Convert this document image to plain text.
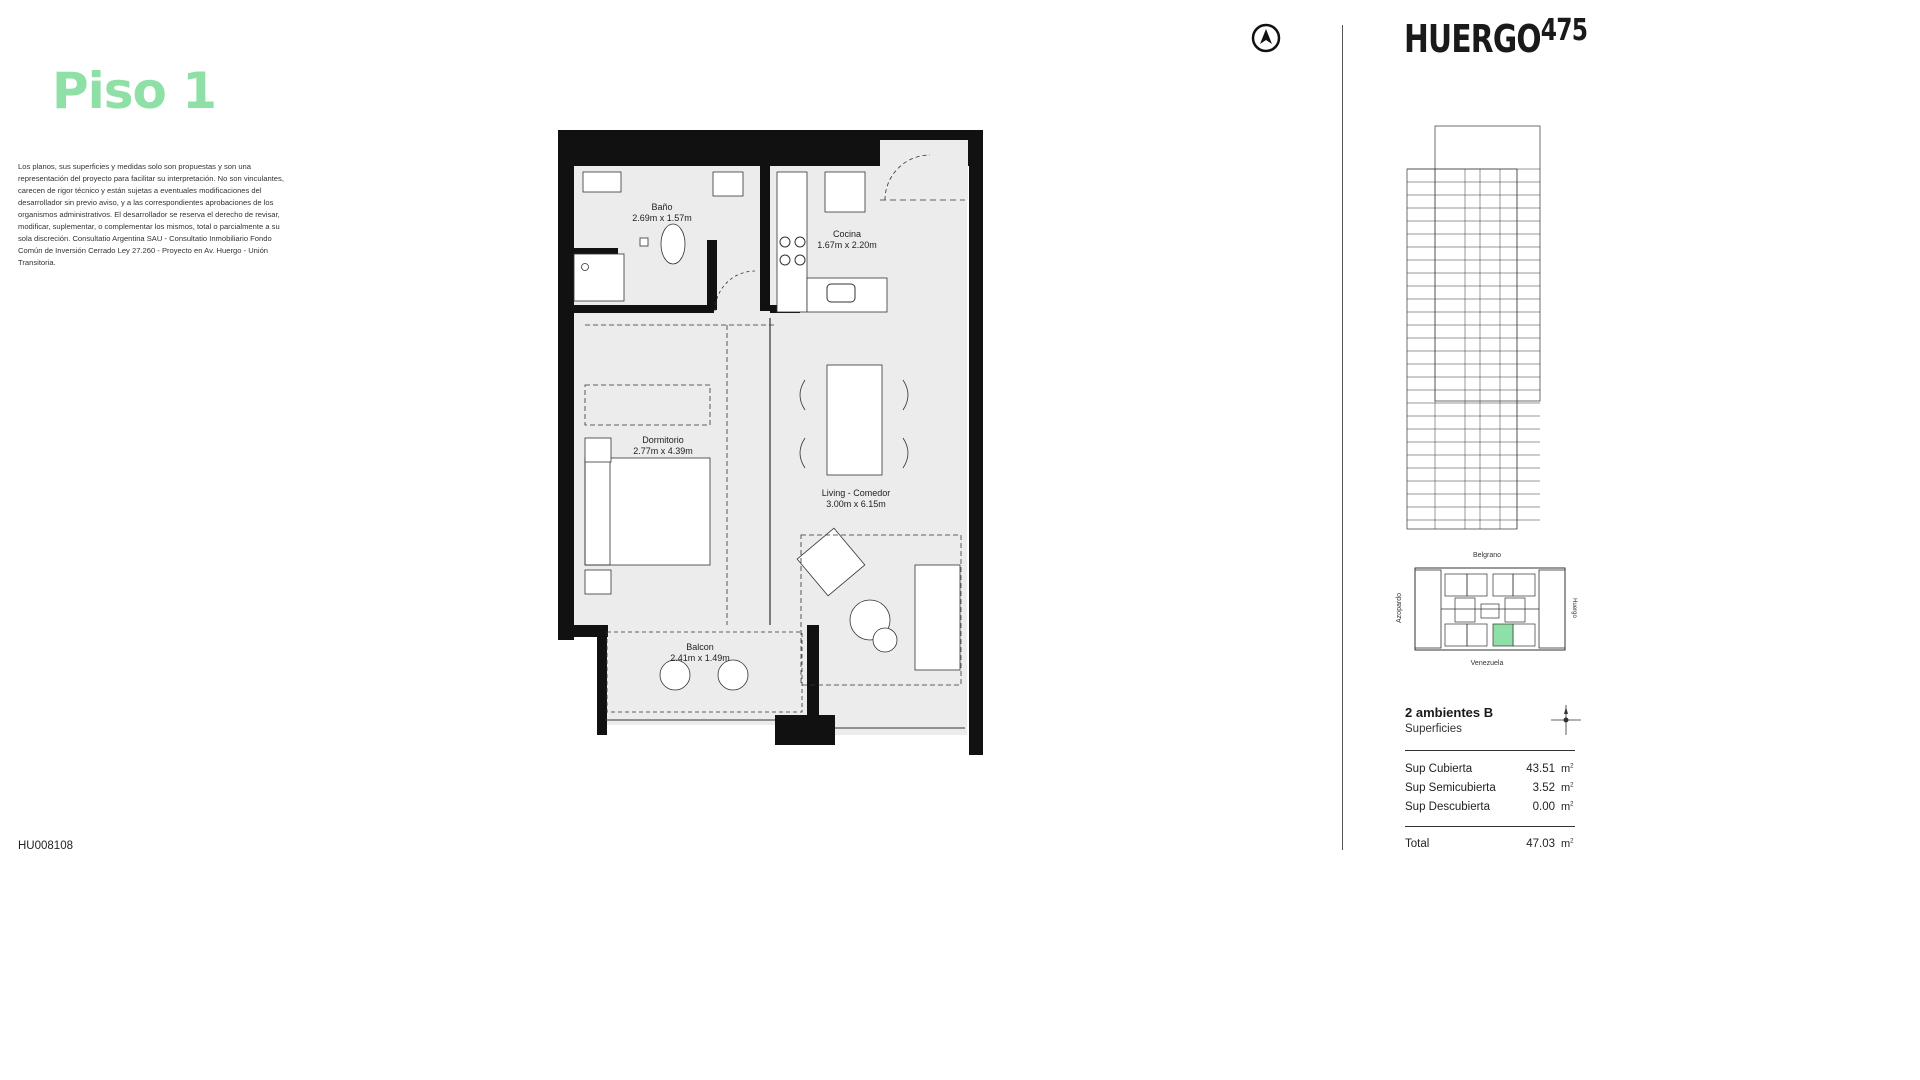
Piso 1
Los planos, sus superficies y medidas solo son propuestas y son una representación del proyecto para facilitar su interpretación. No son vinculantes, carecen de rigor técnico y están sujetas a eventuales modificaciones del desarrollador sin previo aviso, y a las correspondientes aprobaciones de los organismos administrativos. El desarrollador se reserva el derecho de revisar, modificar, suplementar, o complementar los mismos, total o parcialmente a su sola discreción. Consultatio Argentina SAU - Consultatio Inmobiliario Fondo Común de Inversión Cerrado Ley 27.260 - Proyecto en Av. Huergo - Unión Transitoria.
HU008108
HUERGO$^{475}$
Belgrano
Venezuela
Azopardo	Huergo
2 ambientes B
Superficies
Sup Cubierta	43.51 $m^2$
Sup Semicubierta	3.52 $m^2$
Sup Descubierta	0.00 $m^2$
Total	47.03 $m^2$
Baño
2.69m x 1.57m
Cocina
1.67m x 2.20m
Dormitorio
2.77m x 4.39m
Living - Comedor
3.00m x 6.15m
Balcon
2.41m x 1.49m
